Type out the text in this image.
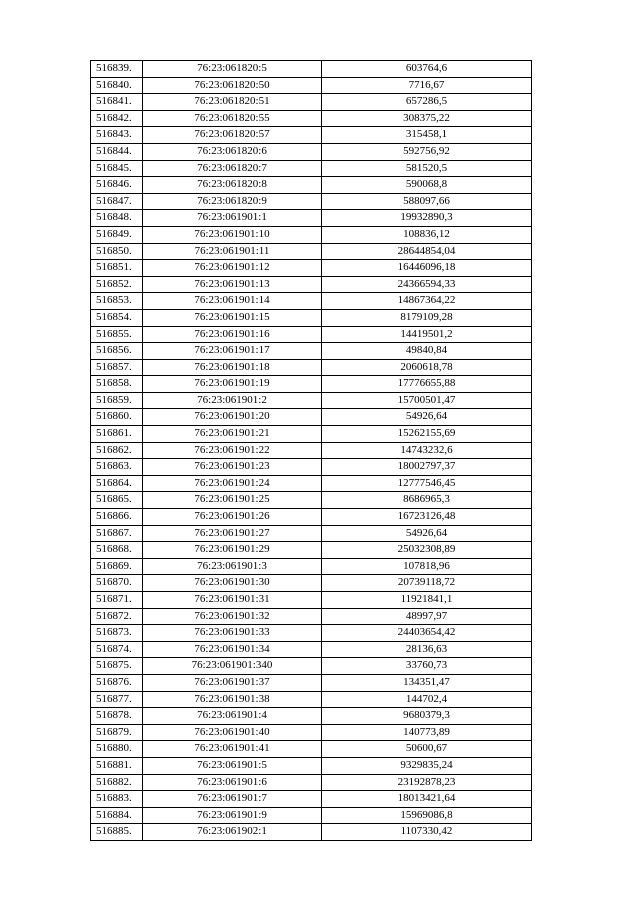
516839.	76:23:061820:5	603764,6
516840.	76:23:061820:50	7716,67
516841.	76:23:061820:51	657286,5
516842.	76:23:061820:55	308375,22
516843.	76:23:061820:57	315458,1
516844.	76:23:061820:6	592756,92
516845.	76:23:061820:7	581520,5
516846.	76:23:061820:8	590068,8
516847.	76:23:061820:9	588097,66
516848.	76:23:061901:1	19932890,3
516849.	76:23:061901:10	108836,12
516850.	76:23:061901:11	28644854,04
516851.	76:23:061901:12	16446096,18
516852.	76:23:061901:13	24366594,33
516853.	76:23:061901:14	14867364,22
516854.	76:23:061901:15	8179109,28
516855.	76:23:061901:16	14419501,2
516856.	76:23:061901:17	49840,84
516857.	76:23:061901:18	2060618,78
516858.	76:23:061901:19	17776655,88
516859.	76:23:061901:2	15700501,47
516860.	76:23:061901:20	54926,64
516861.	76:23:061901:21	15262155,69
516862.	76:23:061901:22	14743232,6
516863.	76:23:061901:23	18002797,37
516864.	76:23:061901:24	12777546,45
516865.	76:23:061901:25	8686965,3
516866.	76:23:061901:26	16723126,48
516867.	76:23:061901:27	54926,64
516868.	76:23:061901:29	25032308,89
516869.	76:23:061901:3	107818,96
516870.	76:23:061901:30	20739118,72
516871.	76:23:061901:31	11921841,1
516872.	76:23:061901:32	48997,97
516873.	76:23:061901:33	24403654,42
516874.	76:23:061901:34	28136,63
516875.	76:23:061901:340	33760,73
516876.	76:23:061901:37	134351,47
516877.	76:23:061901:38	144702,4
516878.	76:23:061901:4	9680379,3
516879.	76:23:061901:40	140773,89
516880.	76:23:061901:41	50600,67
516881.	76:23:061901:5	9329835,24
516882.	76:23:061901:6	23192878,23
516883.	76:23:061901:7	18013421,64
516884.	76:23:061901:9	15969086,8
516885.	76:23:061902:1	1107330,42
